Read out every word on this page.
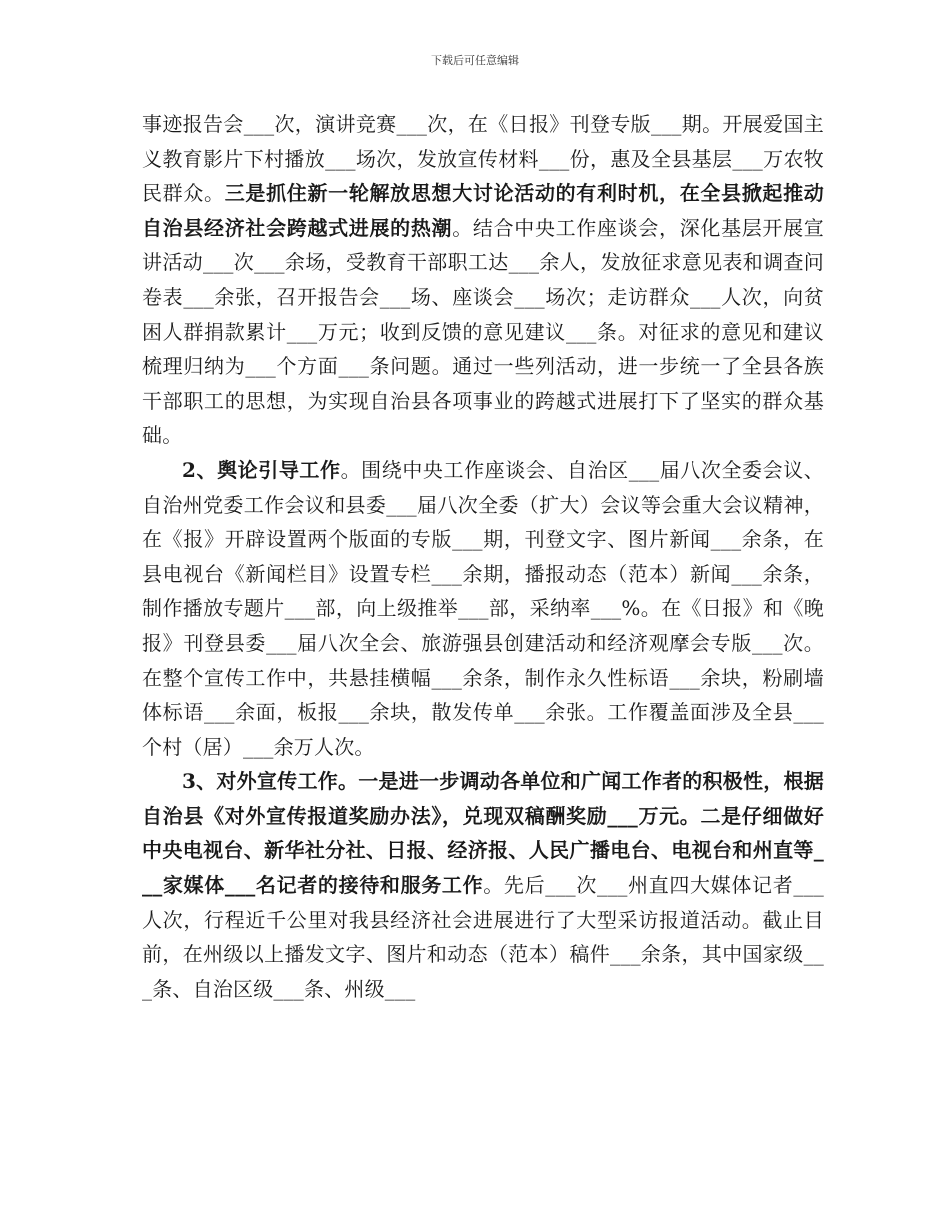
下载后可任意编辑

事迹报告会___次，演讲竞赛___次，在《日报》刊登专版___期。开展爱国主义教育影片下村播放___场次，发放宣传材料___份，惠及全县基层___万农牧民群众。三是抓住新一轮解放思想大讨论活动的有利时机，在全县掀起推动自治县经济社会跨越式进展的热潮。结合中央工作座谈会，深化基层开展宣讲活动___次___余场，受教育干部职工达___余人，发放征求意见表和调查问卷表___余张，召开报告会___场、座谈会___场次；走访群众___人次，向贫困人群捐款累计___万元；收到反馈的意见建议___条。对征求的意见和建议梳理归纳为___个方面___条问题。通过一些列活动，进一步统一了全县各族干部职工的思想，为实现自治县各项事业的跨越式进展打下了坚实的群众基础。

2、舆论引导工作。围绕中央工作座谈会、自治区___届八次全委会议、自治州党委工作会议和县委___届八次全委（扩大）会议等会重大会议精神，在《报》开辟设置两个版面的专版___期，刊登文字、图片新闻___余条，在县电视台《新闻栏目》设置专栏___余期，播报动态（范本）新闻___余条，制作播放专题片___部，向上级推举___部，采纳率___%。在《日报》和《晚报》刊登县委___届八次全会、旅游强县创建活动和经济观摩会专版___次。在整个宣传工作中，共悬挂横幅___余条，制作永久性标语___余块，粉刷墙体标语___余面，板报___余块，散发传单___余张。工作覆盖面涉及全县___个村（居）___余万人次。

3、对外宣传工作。一是进一步调动各单位和广闻工作者的积极性，根据自治县《对外宣传报道奖励办法》，兑现双稿酬奖励___万元。二是仔细做好中央电视台、新华社分社、日报、经济报、人民广播电台、电视台和州直等___家媒体___名记者的接待和服务工作。先后___次___州直四大媒体记者___人次，行程近千公里对我县经济社会进展进行了大型采访报道活动。截止目前，在州级以上播发文字、图片和动态（范本）稿件___余条，其中国家级___条、自治区级___条、州级___
